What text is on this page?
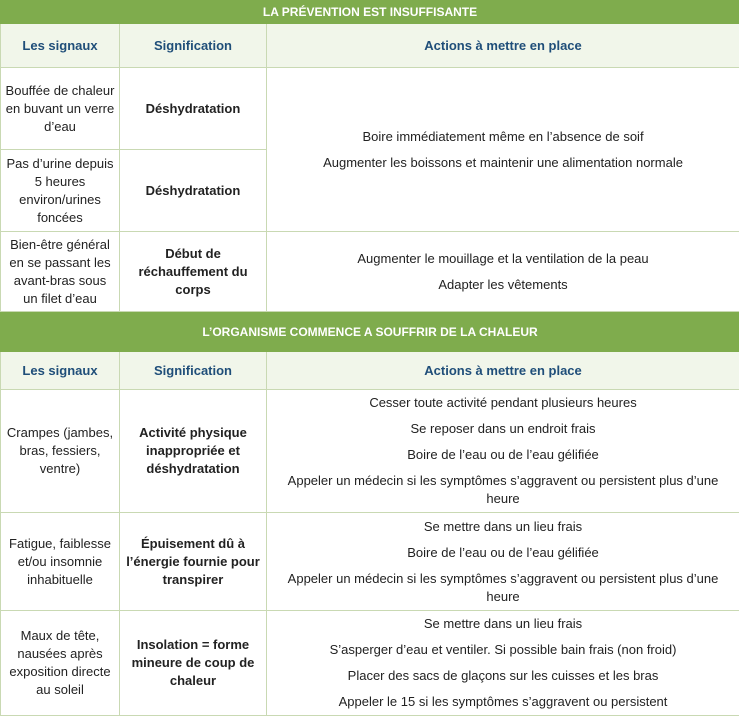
LA PRÉVENTION EST INSUFFISANTE		
Les signaux	Signification	Actions à mettre en place
Bouffée de chaleur en buvant un verre d’eau	Déshydratation	Boire immédiatement même en l’absence de soif

Augmenter les boissons et maintenir une alimentation normale

Pas d’urine depuis 5 heures environ/urines foncées	Déshydratation	
Bien-être général en se passant les avant-bras sous un filet d’eau	Début de réchauffement du corps	Augmenter le mouillage et la ventilation de la peau

Adapter les vêtements

L’ORGANISME COMMENCE A SOUFFRIR DE LA CHALEUR		
Les signaux	Signification	Actions à mettre en place
Crampes (jambes, bras, fessiers, ventre)	Activité physique inappropriée et déshydratation	Cesser toute activité pendant plusieurs heures

Se reposer dans un endroit frais

Boire de l’eau ou de l’eau gélifiée

Appeler un médecin si les symptômes s’aggravent ou persistent plus d’une heure

Fatigue, faiblesse et/ou insomnie inhabituelle	Épuisement dû à l’énergie fournie pour transpirer	Se mettre dans un lieu frais

Boire de l’eau ou de l’eau gélifiée

Appeler un médecin si les symptômes s’aggravent ou persistent plus d’une heure

Maux de tête, nausées après exposition directe au soleil	Insolation = forme mineure de coup de chaleur	Se mettre dans un lieu frais

S’asperger d’eau et ventiler. Si possible bain frais (non froid)

Placer des sacs de glaçons sur les cuisses et les bras

Appeler le 15 si les symptômes s’aggravent ou persistent
